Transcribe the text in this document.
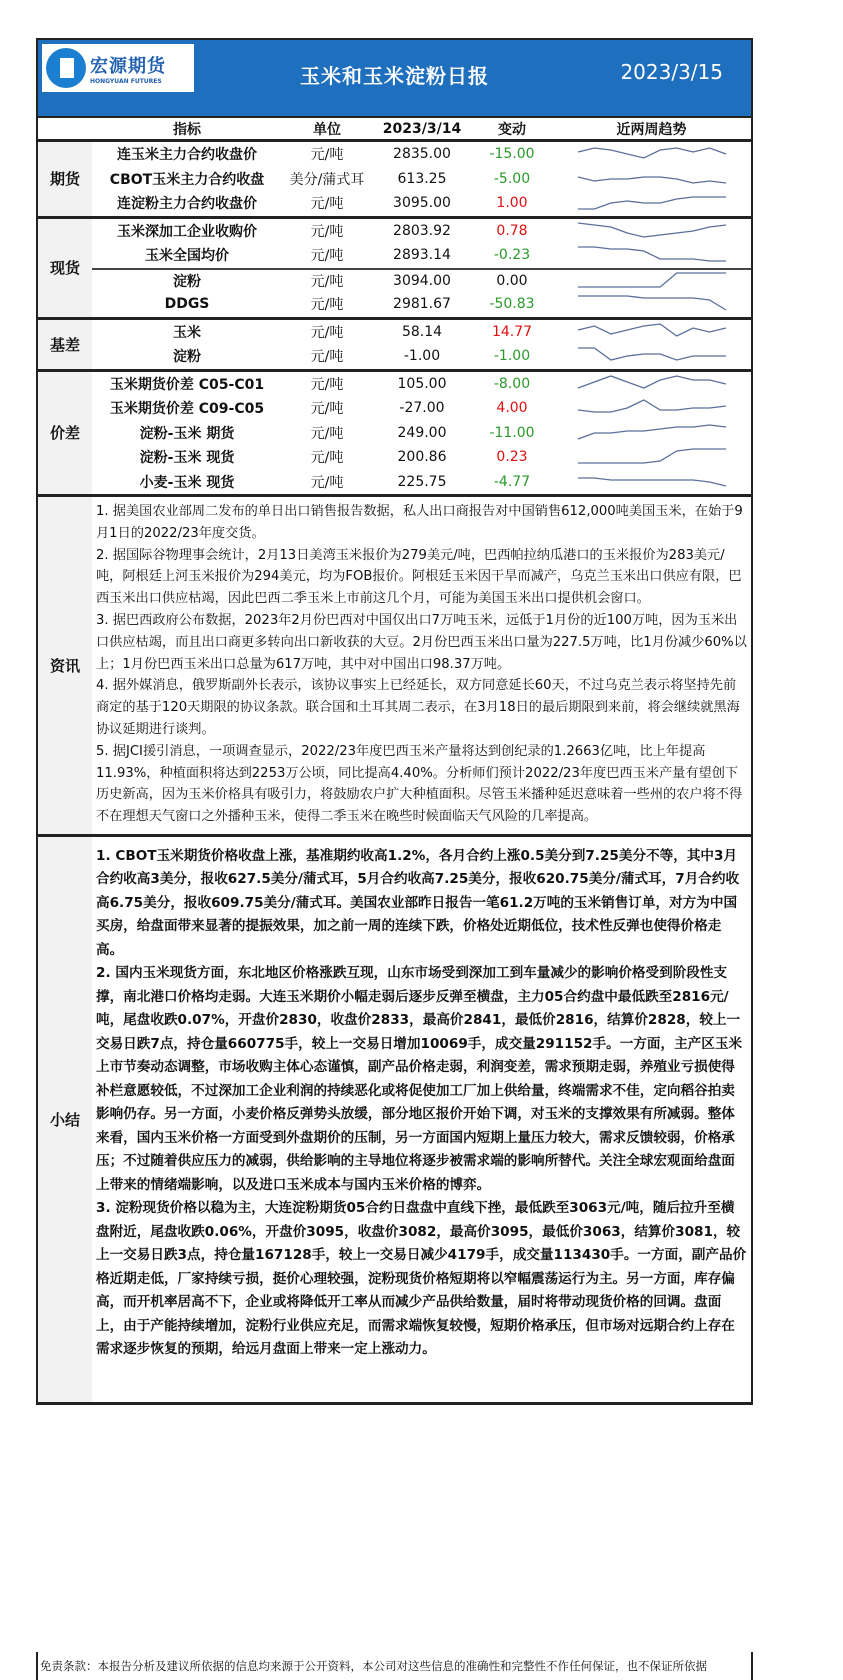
宏源期货
HONGYUAN FUTURES	玉米和玉米淀粉日报	2023/3/15
指标	单位	2023/3/14	变动	近两周趋势
期货
连玉米主力合约收盘价	元/吨	2835.00	-15.00
CBOT玉米主力合约收盘	美分/蒲式耳	613.25	-5.00
连淀粉主力合约收盘价	元/吨	3095.00	1.00
现货
玉米深加工企业收购价	元/吨	2803.92	0.78
玉米全国均价	元/吨	2893.14	-0.23
淀粉	元/吨	3094.00	0.00
DDGS	元/吨	2981.67	-50.83
基差
玉米	元/吨	58.14	14.77
淀粉	元/吨	-1.00	-1.00
价差
玉米期货价差 C05-C01	元/吨	105.00	-8.00
玉米期货价差 C09-C05	元/吨	-27.00	4.00
淀粉-玉米 期货	元/吨	249.00	-11.00
淀粉-玉米 现货	元/吨	200.86	0.23
小麦-玉米 现货	元/吨	225.75	-4.77
资讯
1. 据美国农业部周二发布的单日出口销售报告数据，私人出口商报告对中国销售612,000吨美国玉米，在始于9月1日的2022/23年度交货。
2. 据国际谷物理事会统计，2月13日美湾玉米报价为279美元/吨，巴西帕拉纳瓜港口的玉米报价为283美元/吨，阿根廷上河玉米报价为294美元，均为FOB报价。阿根廷玉米因干旱而减产，乌克兰玉米出口供应有限，巴西玉米出口供应枯竭，因此巴西二季玉米上市前这几个月，可能为美国玉米出口提供机会窗口。
3. 据巴西政府公布数据，2023年2月份巴西对中国仅出口7万吨玉米，远低于1月份的近100万吨，因为玉米出口供应枯竭，而且出口商更多转向出口新收获的大豆。2月份巴西玉米出口量为227.5万吨，比1月份减少60%以上；1月份巴西玉米出口总量为617万吨，其中对中国出口98.37万吨。
4. 据外媒消息，俄罗斯副外长表示，该协议事实上已经延长，双方同意延长60天，不过乌克兰表示将坚持先前商定的基于120天期限的协议条款。联合国和土耳其周二表示，在3月18日的最后期限到来前，将会继续就黑海协议延期进行谈判。
5. 据JCI援引消息，一项调查显示，2022/23年度巴西玉米产量将达到创纪录的1.2663亿吨，比上年提高11.93%，种植面积将达到2253万公顷，同比提高4.40%。分析师们预计2022/23年度巴西玉米产量有望创下历史新高，因为玉米价格具有吸引力，将鼓励农户扩大种植面积。尽管玉米播种延迟意味着一些州的农户将不得不在理想天气窗口之外播种玉米，使得二季玉米在晚些时候面临天气风险的几率提高。
小结
1. CBOT玉米期货价格收盘上涨，基准期约收高1.2%，各月合约上涨0.5美分到7.25美分不等，其中3月合约收高3美分，报收627.5美分/蒲式耳，5月合约收高7.25美分，报收620.75美分/蒲式耳，7月合约收高6.75美分，报收609.75美分/蒲式耳。美国农业部昨日报告一笔61.2万吨的玉米销售订单，对方为中国买房，给盘面带来显著的提振效果，加之前一周的连续下跌，价格处近期低位，技术性反弹也使得价格走高。
2. 国内玉米现货方面，东北地区价格涨跌互现，山东市场受到深加工到车量减少的影响价格受到阶段性支撑，南北港口价格均走弱。大连玉米期价小幅走弱后逐步反弹至横盘，主力05合约盘中最低跌至2816元/吨，尾盘收跌0.07%，开盘价2830，收盘价2833，最高价2841，最低价2816，结算价2828，较上一交易日跌7点，持仓量660775手，较上一交易日增加10069手，成交量291152手。一方面，主产区玉米上市节奏动态调整，市场收购主体心态谨慎，副产品价格走弱，利润变差，需求预期走弱，养殖业亏损使得补栏意愿较低，不过深加工企业利润的持续恶化或将促使加工厂加上供给量，终端需求不佳，定向稻谷拍卖影响仍存。另一方面，小麦价格反弹势头放缓，部分地区报价开始下调，对玉米的支撑效果有所减弱。整体来看，国内玉米价格一方面受到外盘期价的压制，另一方面国内短期上量压力较大，需求反馈较弱，价格承压；不过随着供应压力的减弱，供给影响的主导地位将逐步被需求端的影响所替代。关注全球宏观面给盘面上带来的情绪端影响，以及进口玉米成本与国内玉米价格的博弈。
3. 淀粉现货价格以稳为主，大连淀粉期货05合约日盘盘中直线下挫，最低跌至3063元/吨，随后拉升至横盘附近，尾盘收跌0.06%，开盘价3095，收盘价3082，最高价3095，最低价3063，结算价3081，较上一交易日跌3点，持仓量167128手，较上一交易日减少4179手，成交量113430手。一方面，副产品价格近期走低，厂家持续亏损，挺价心理较强，淀粉现货价格短期将以窄幅震荡运行为主。另一方面，库存偏高，而开机率居高不下，企业或将降低开工率从而减少产品供给数量，届时将带动现货价格的回调。盘面上，由于产能持续增加，淀粉行业供应充足，而需求端恢复较慢，短期价格承压，但市场对远期合约上存在需求逐步恢复的预期，给远月盘面上带来一定上涨动力。
免责条款：本报告分析及建议所依据的信息均来源于公开资料，本公司对这些信息的准确性和完整性不作任何保证，也不保证所依据
